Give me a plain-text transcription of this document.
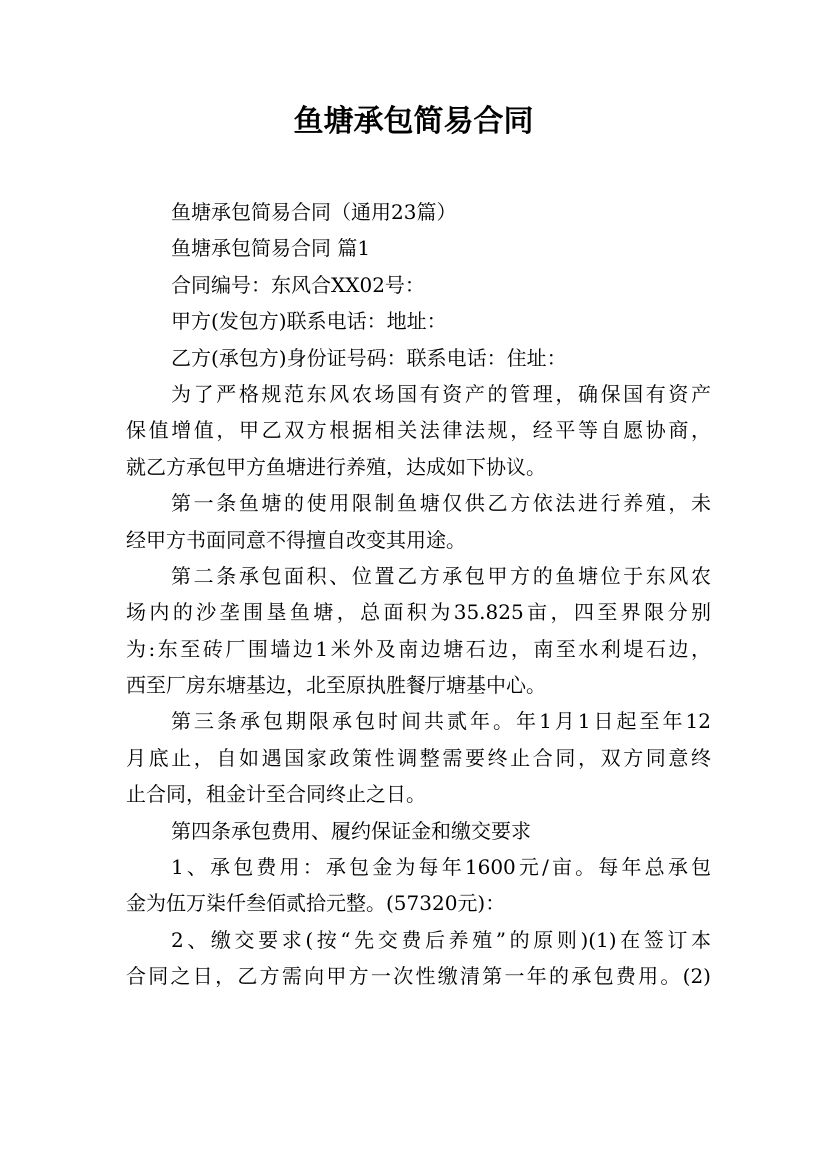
鱼塘承包简易合同

鱼塘承包简易合同（通用23篇）

鱼塘承包简易合同 篇1

合同编号：东风合XX02号：

甲方(发包方)联系电话：地址：

乙方(承包方)身份证号码：联系电话：住址：

为了严格规范东风农场国有资产的管理，确保国有资产

保值增值，甲乙双方根据相关法律法规，经平等自愿协商，

就乙方承包甲方鱼塘进行养殖，达成如下协议。

第一条鱼塘的使用限制鱼塘仅供乙方依法进行养殖，未

经甲方书面同意不得擅自改变其用途。

第二条承包面积、位置乙方承包甲方的鱼塘位于东风农

场内的沙垄围垦鱼塘，总面积为35.825亩，四至界限分别

为:东至砖厂围墙边1米外及南边塘石边，南至水利堤石边，

西至厂房东塘基边，北至原执胜餐厅塘基中心。

第三条承包期限承包时间共贰年。年1月1日起至年12

月底止，自如遇国家政策性调整需要终止合同，双方同意终

止合同，租金计至合同终止之日。

第四条承包费用、履约保证金和缴交要求

1、承包费用：承包金为每年1600元/亩。每年总承包

金为伍万柒仟叁佰贰拾元整。(57320元)：

2、缴交要求(按“先交费后养殖”的原则)(1)在签订本

合同之日，乙方需向甲方一次性缴清第一年的承包费用。(2)
